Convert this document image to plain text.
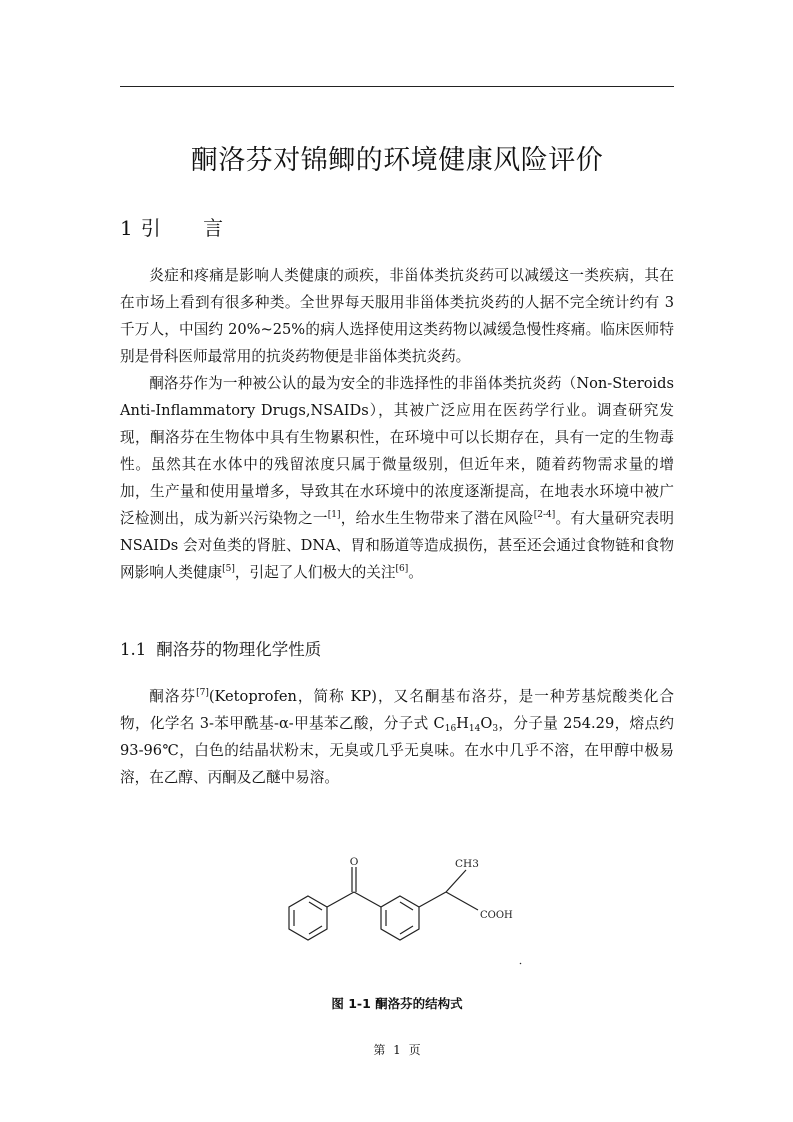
酮洛芬对锦鲫的环境健康风险评价
1 引 言

炎症和疼痛是影响人类健康的顽疾，非甾体类抗炎药可以减缓这一类疾病，其在在市场上看到有很多种类。全世界每天服用非甾体类抗炎药的人据不完全统计约有 3 千万人，中国约 20%~25%的病人选择使用这类药物以减缓急慢性疼痛。临床医师特别是骨科医师最常用的抗炎药物便是非甾体类抗炎药。

酮洛芬作为一种被公认的最为安全的非选择性的非甾体类抗炎药（Non-Steroids Anti-Inflammatory Drugs,NSAIDs），其被广泛应用在医药学行业。调查研究发现，酮洛芬在生物体中具有生物累积性，在环境中可以长期存在，具有一定的生物毒性。虽然其在水体中的残留浓度只属于微量级别，但近年来，随着药物需求量的增加，生产量和使用量增多，导致其在水环境中的浓度逐渐提高，在地表水环境中被广泛检测出，成为新兴污染物之一[1]，给水生生物带来了潜在风险[2-4]。有大量研究表明 NSAIDs 会对鱼类的肾脏、DNA、胃和肠道等造成损伤，甚至还会通过食物链和食物网影响人类健康[5]，引起了人们极大的关注[6]。

1.1 酮洛芬的物理化学性质

酮洛芬[7](Ketoprofen，简称 KP)，又名酮基布洛芬，是一种芳基烷酸类化合物，化学名 3-苯甲酰基-α-甲基苯乙酸，分子式 $C_{16}H_{14}O_3$，分子量 254.29，熔点约 93-96℃，白色的结晶状粉末，无臭或几乎无臭味。在水中几乎不溶，在甲醇中极易溶，在乙醇、丙酮及乙醚中易溶。

O	CH3
COOH
图 1-1 酮洛芬的结构式
第 1 页
